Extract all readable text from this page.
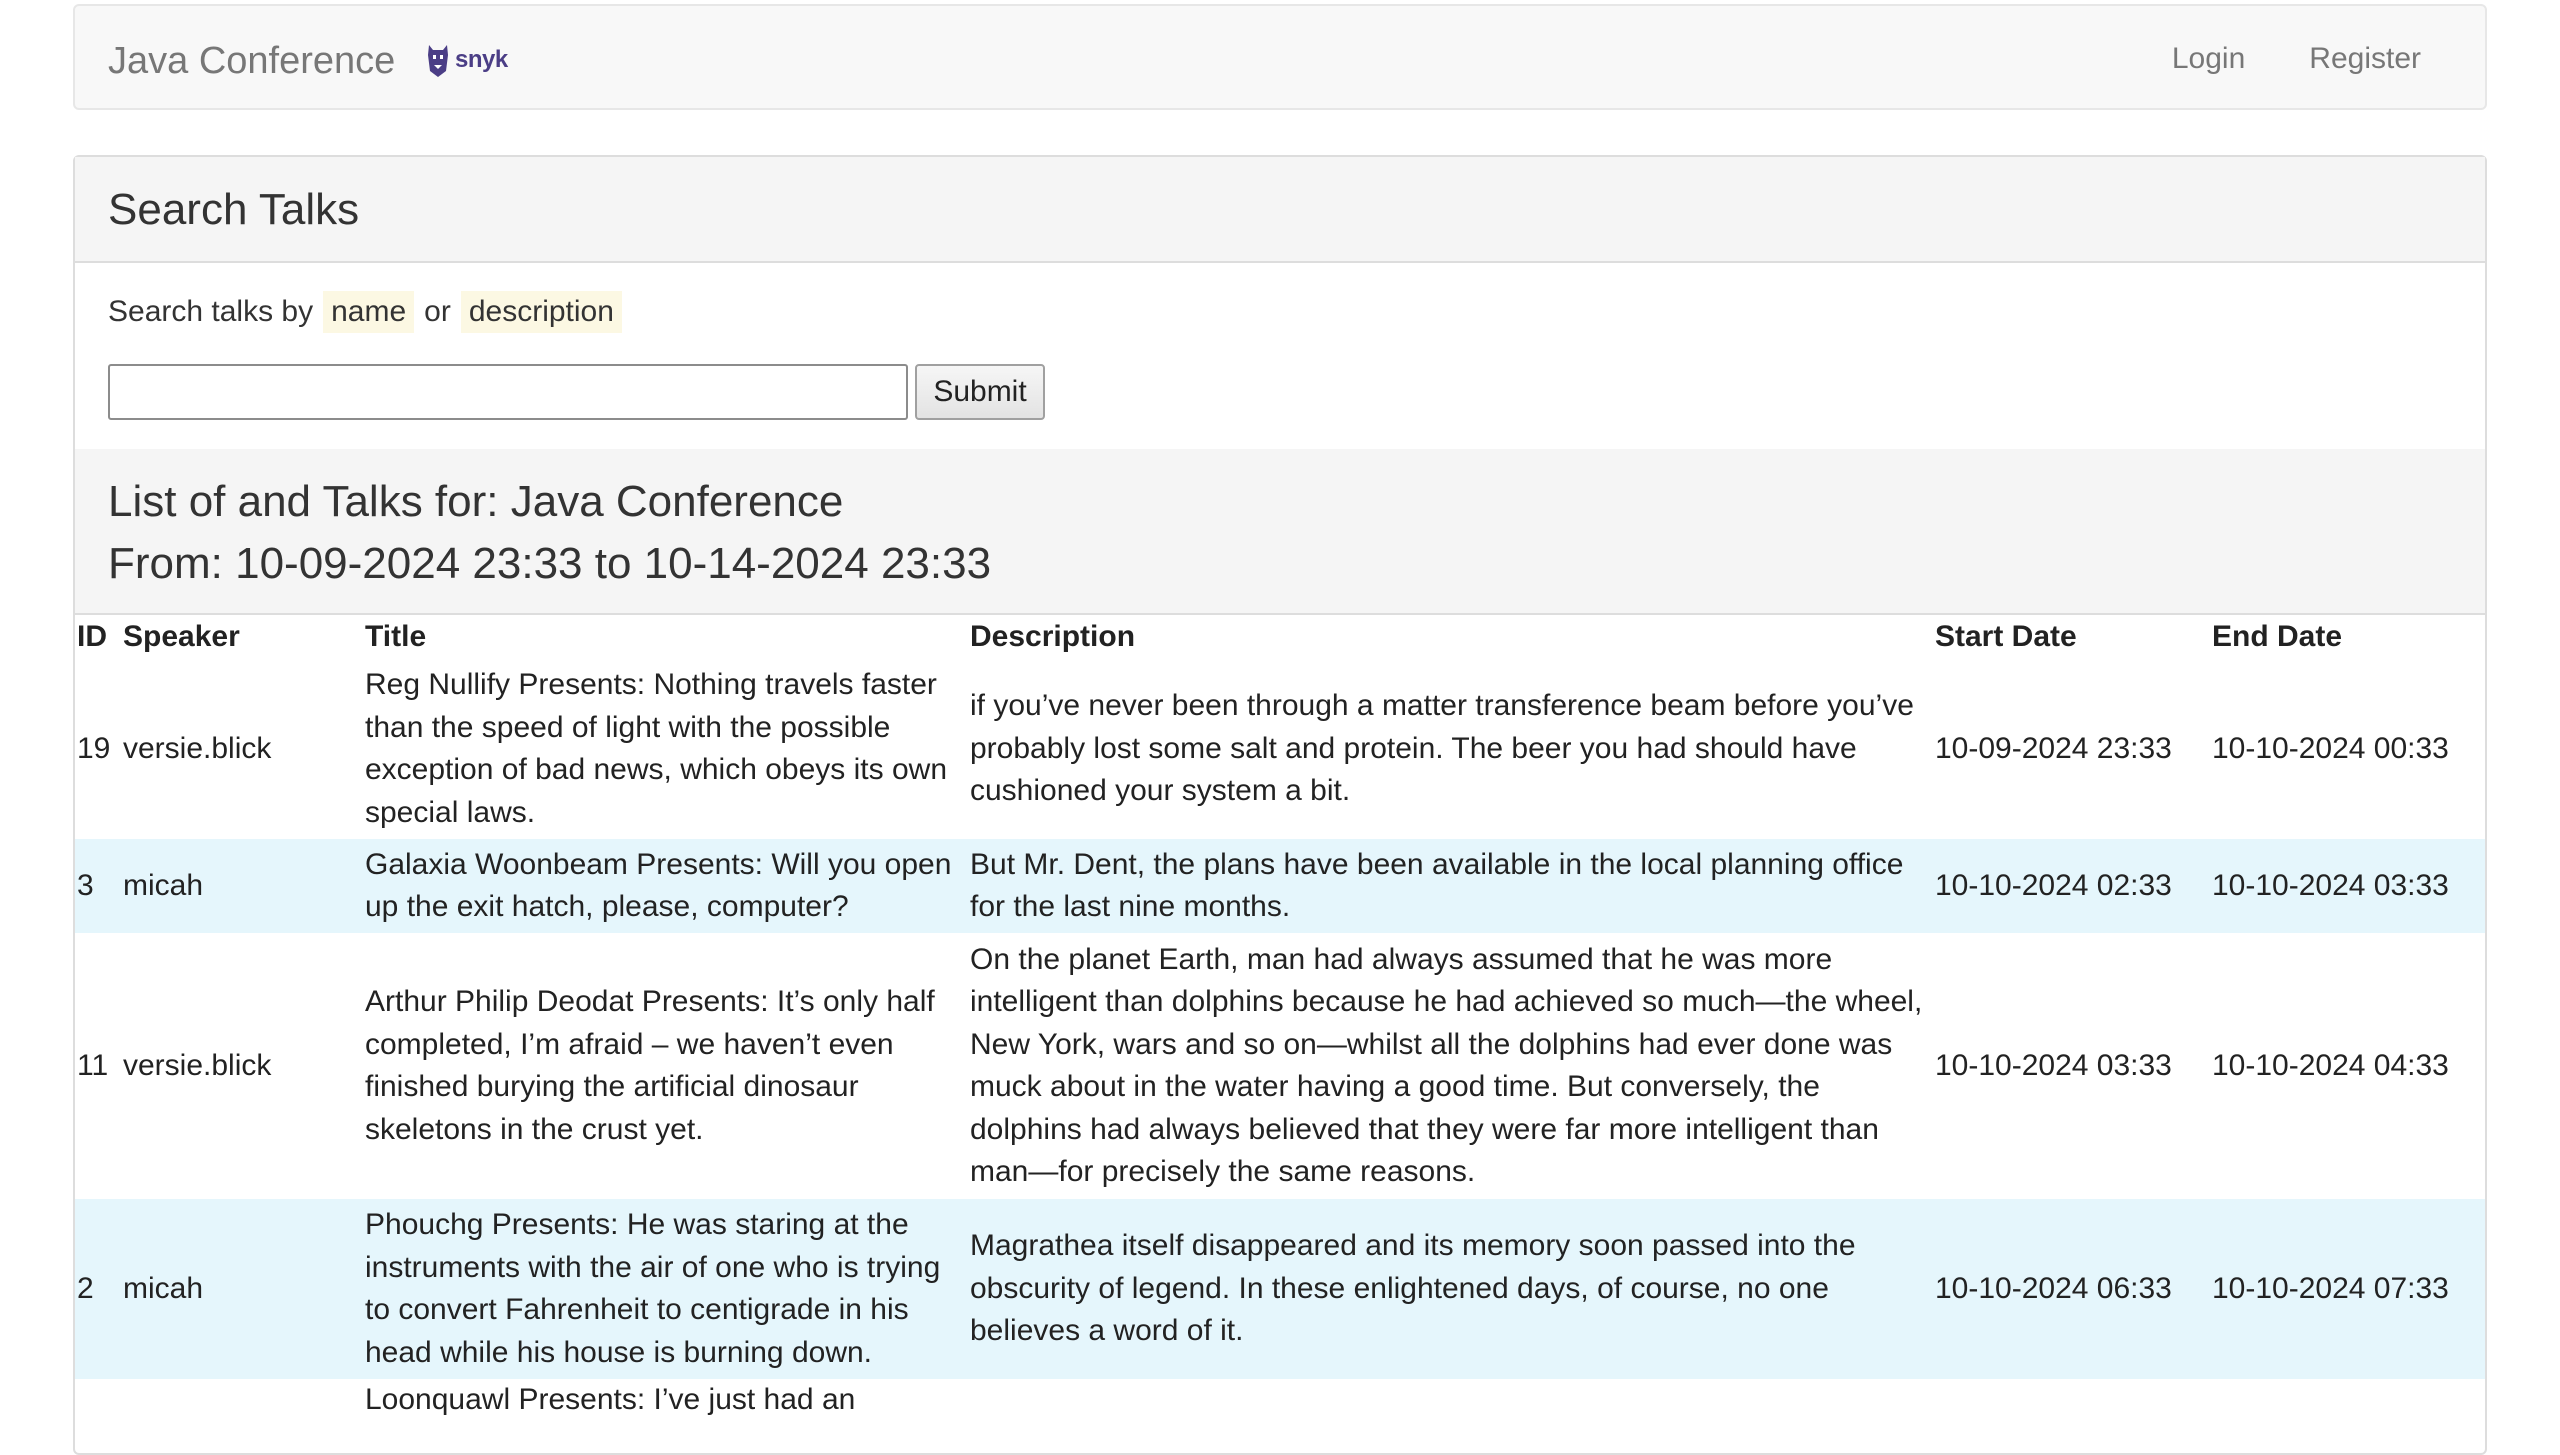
Java Conference snyk	Login Register
Search Talks
Search talks by name or description
Submit
List of and Talks for: Java Conference
From: 10-09-2024 23:33 to 10-14-2024 23:33
ID	Speaker	Title	Description	Start Date	End Date
19	versie.blick	Reg Nullify Presents: Nothing travels faster than the speed of light with the possible exception of bad news, which obeys its own special laws.	if you’ve never been through a matter transference beam before you’ve probably lost some salt and protein. The beer you had should have cushioned your system a bit.	10-09-2024 23:33	10-10-2024 00:33
3	micah	Galaxia Woonbeam Presents: Will you open up the exit hatch, please, computer?	But Mr. Dent, the plans have been available in the local planning office for the last nine months.	10-10-2024 02:33	10-10-2024 03:33
11	versie.blick	Arthur Philip Deodat Presents: It’s only half completed, I’m afraid – we haven’t even finished burying the artificial dinosaur skeletons in the crust yet.	On the planet Earth, man had always assumed that he was more intelligent than dolphins because he had achieved so much—the wheel, New York, wars and so on—whilst all the dolphins had ever done was muck about in the water having a good time. But conversely, the dolphins had always believed that they were far more intelligent than man—for precisely the same reasons.	10-10-2024 03:33	10-10-2024 04:33
2	micah	Phouchg Presents: He was staring at the instruments with the air of one who is trying to convert Fahrenheit to centigrade in his head while his house is burning down.	Magrathea itself disappeared and its memory soon passed into the obscurity of legend. In these enlightened days, of course, no one believes a word of it.	10-10-2024 06:33	10-10-2024 07:33
		Loonquawl Presents: I’ve just had an			
